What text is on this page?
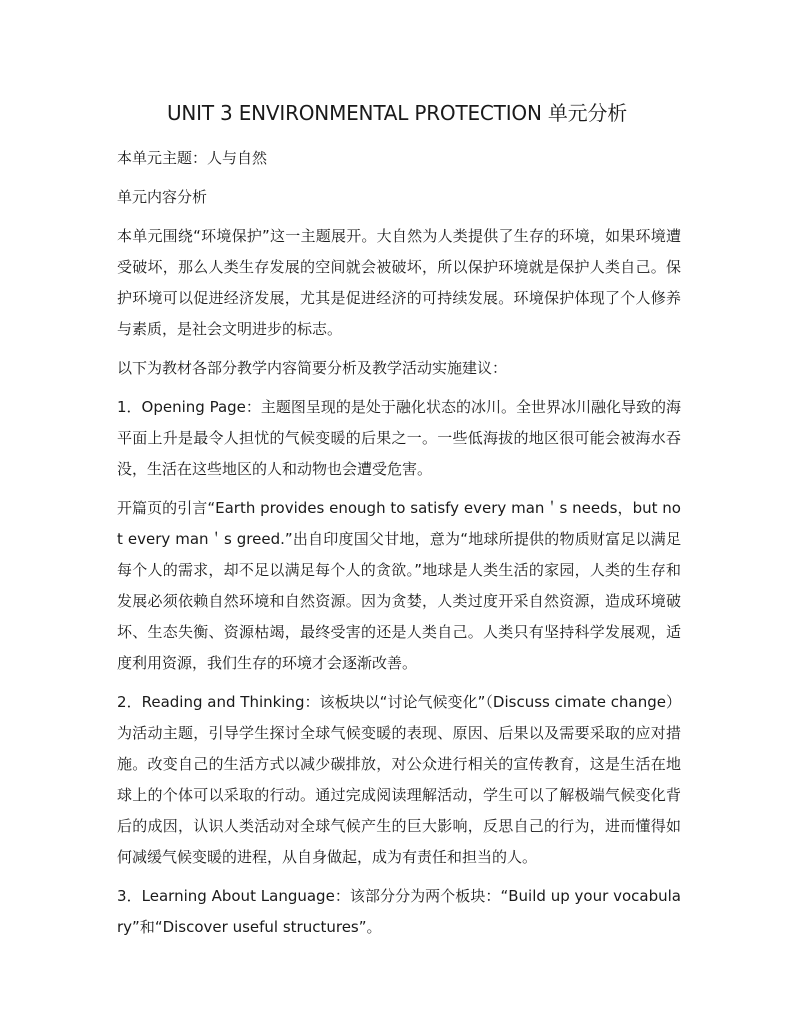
UNIT 3 ENVIRONMENTAL PROTECTION 单元分析

本单元主题：人与自然

单元内容分析

本单元围绕“环境保护”这一主题展开。大自然为人类提供了生存的环境，如果环境遭受破坏，那么人类生存发展的空间就会被破坏，所以保护环境就是保护人类自己。保护环境可以促进经济发展，尤其是促进经济的可持续发展。环境保护体现了个人修养与素质，是社会文明进步的标志。

以下为教材各部分教学内容简要分析及教学活动实施建议：

1．Opening Page：主题图呈现的是处于融化状态的冰川。全世界冰川融化导致的海平面上升是最令人担忧的气候变暖的后果之一。一些低海拔的地区很可能会被海水吞没，生活在这些地区的人和动物也会遭受危害。

开篇页的引言“Earth provides enough to satisfy every man＇s needs，but not every man＇s greed.”出自印度国父甘地，意为“地球所提供的物质财富足以满足每个人的需求，却不足以满足每个人的贪欲。”地球是人类生活的家园，人类的生存和发展必须依赖自然环境和自然资源。因为贪婪，人类过度开采自然资源，造成环境破坏、生态失衡、资源枯竭，最终受害的还是人类自己。人类只有坚持科学发展观，适度利用资源，我们生存的环境才会逐渐改善。

2．Reading and Thinking：该板块以“讨论气候变化”（Discuss cimate change）为活动主题，引导学生探讨全球气候变暖的表现、原因、后果以及需要采取的应对措施。改变自己的生活方式以减少碳排放，对公众进行相关的宣传教育，这是生活在地球上的个体可以采取的行动。通过完成阅读理解活动，学生可以了解极端气候变化背后的成因，认识人类活动对全球气候产生的巨大影响，反思自己的行为，进而懂得如何减缓气候变暖的进程，从自身做起，成为有责任和担当的人。

3．Learning About Language：该部分分为两个板块：“Build up your vocabulary”和“Discover useful structures”。
